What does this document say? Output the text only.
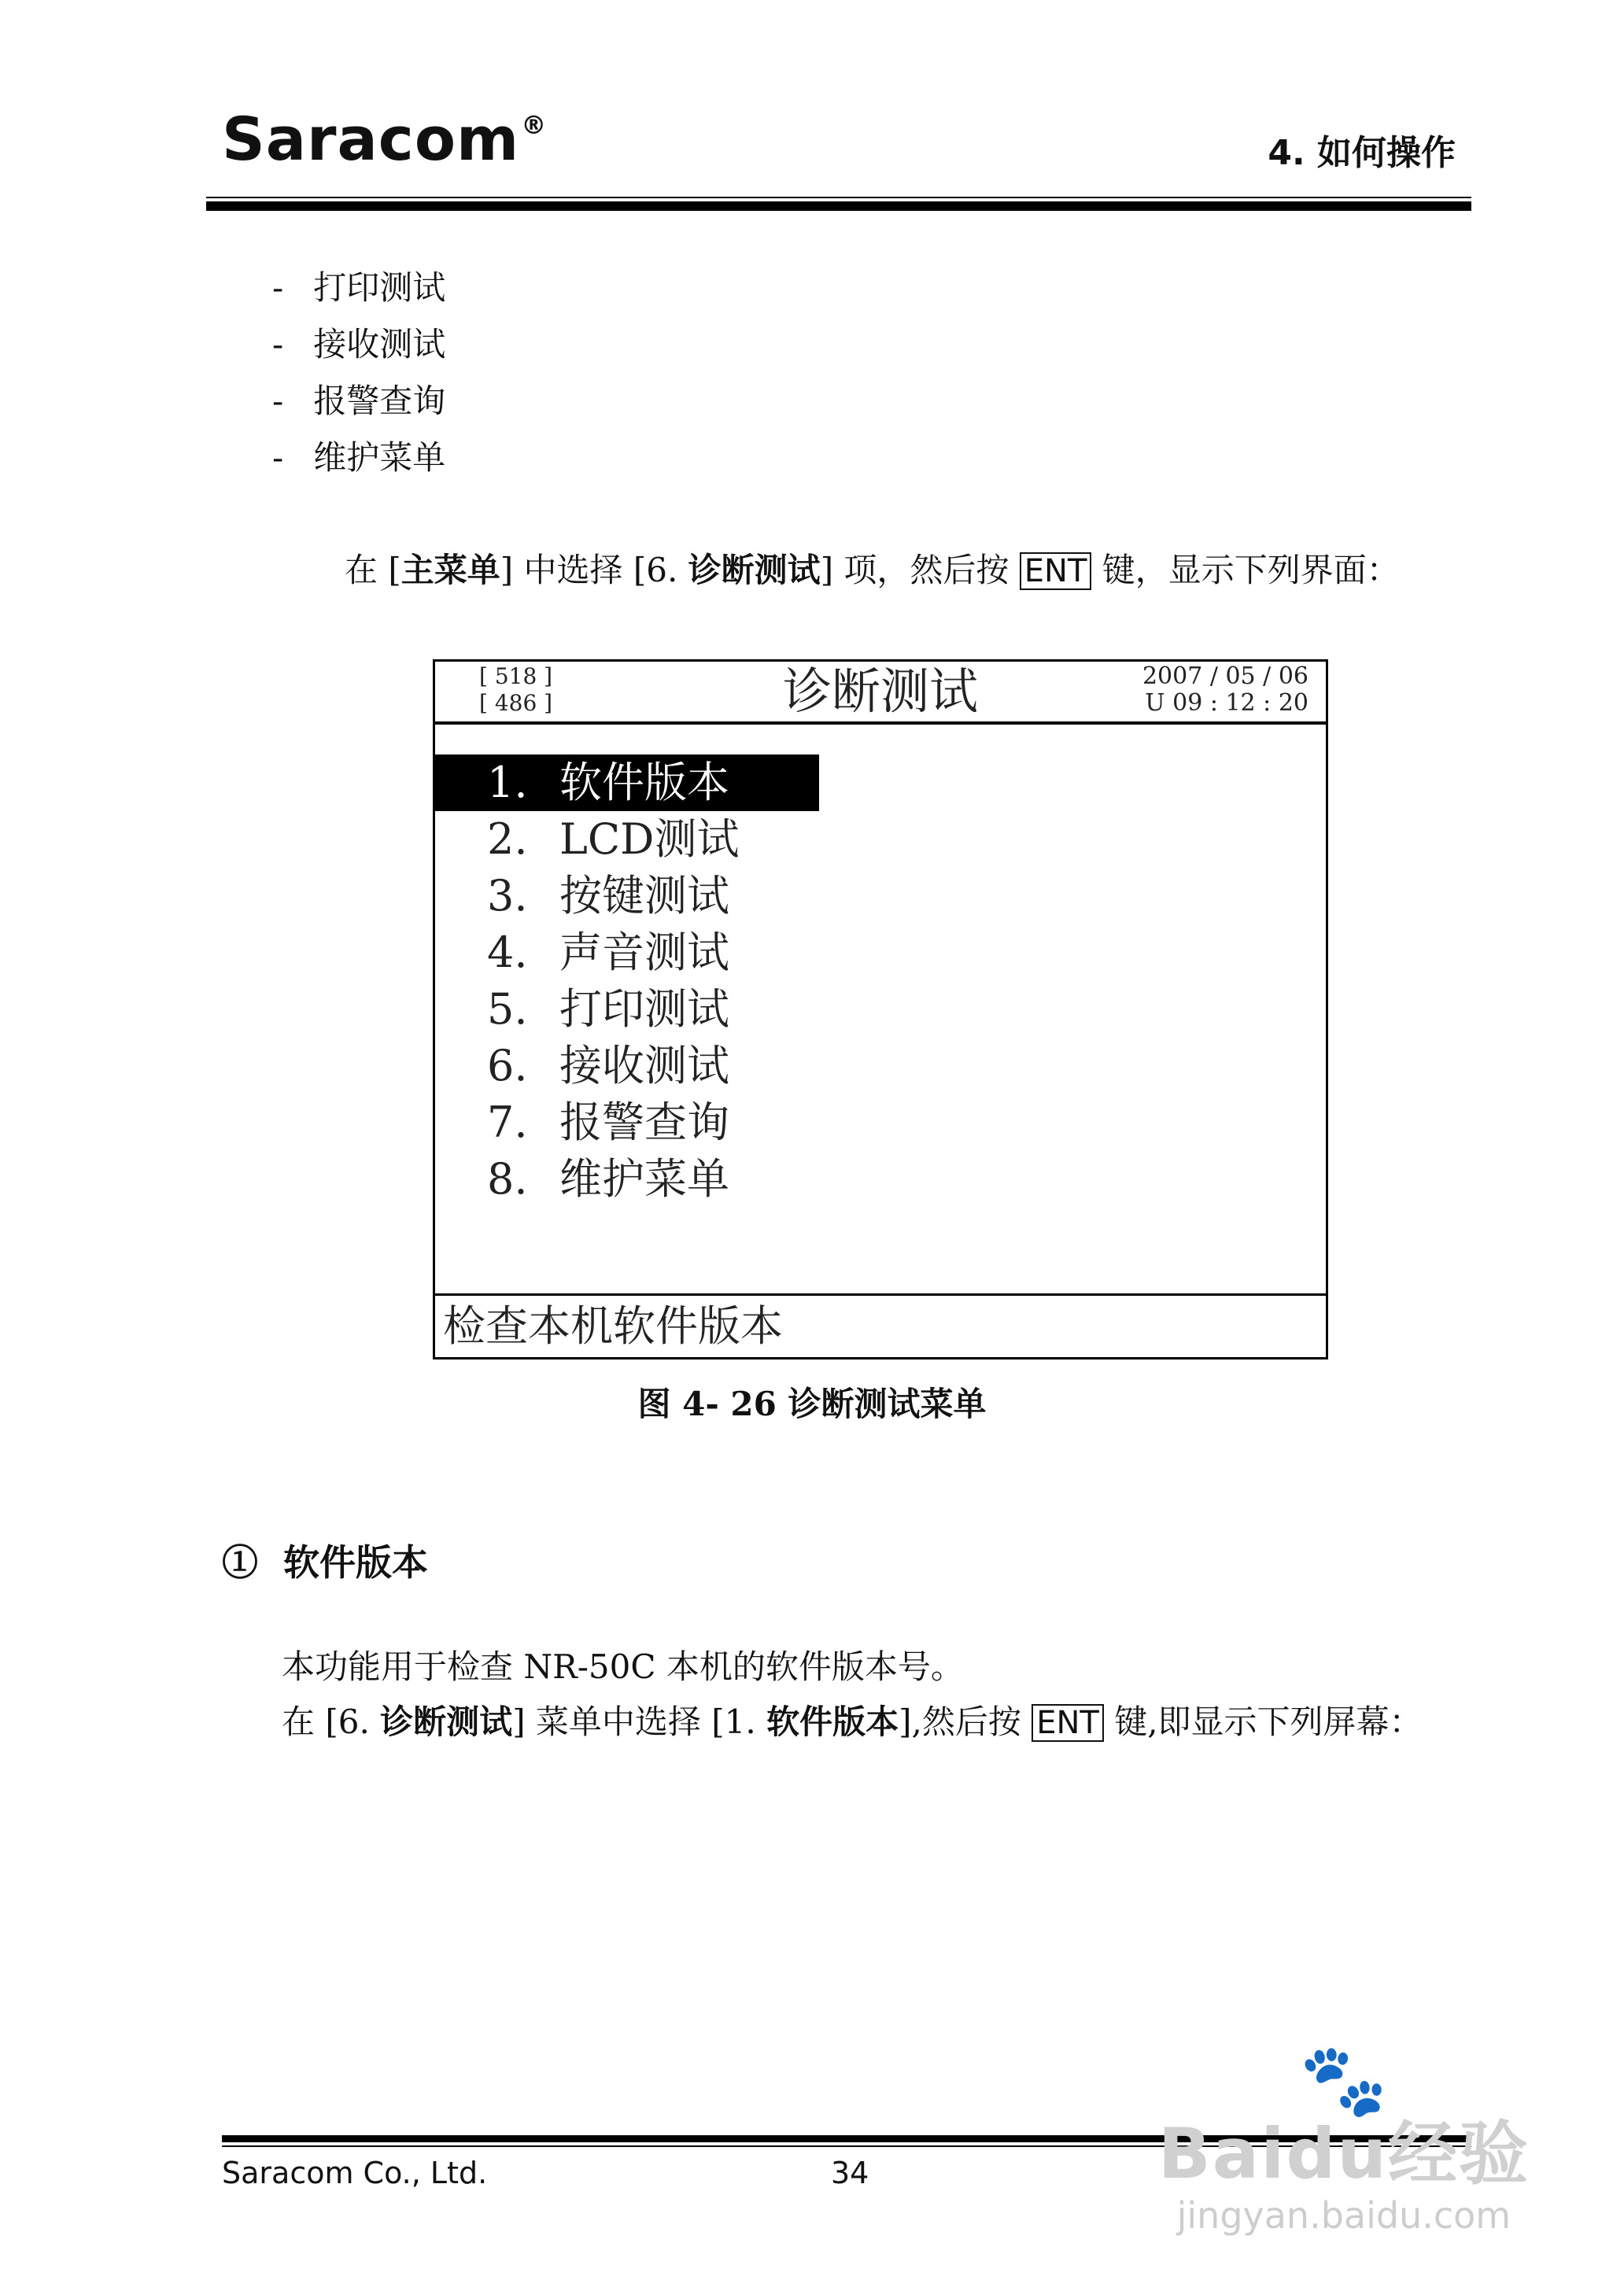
Saracom®
4. 如何操作
- 打印测试
- 接收测试
- 报警查询
- 维护菜单
在 [主菜单] 中选择 [6. 诊断测试] 项，然后按 ENT 键，显示下列界面：
[ 518 ]
[ 486 ]	诊断测试	2007 / 05 / 06
U 09 : 12 : 20
1. 软件版本
2. LCD测试
3. 按键测试
4. 声音测试
5. 打印测试
6. 接收测试
7. 报警查询
8. 维护菜单
检查本机软件版本
图 4- 26 诊断测试菜单
① 软件版本
本功能用于检查 NR-50C 本机的软件版本号。
在 [6. 诊断测试] 菜单中选择 [1. 软件版本],然后按 ENT 键,即显示下列屏幕：
Saracom Co., Ltd.	34
🐾
Baidu经验
jingyan.baidu.com
